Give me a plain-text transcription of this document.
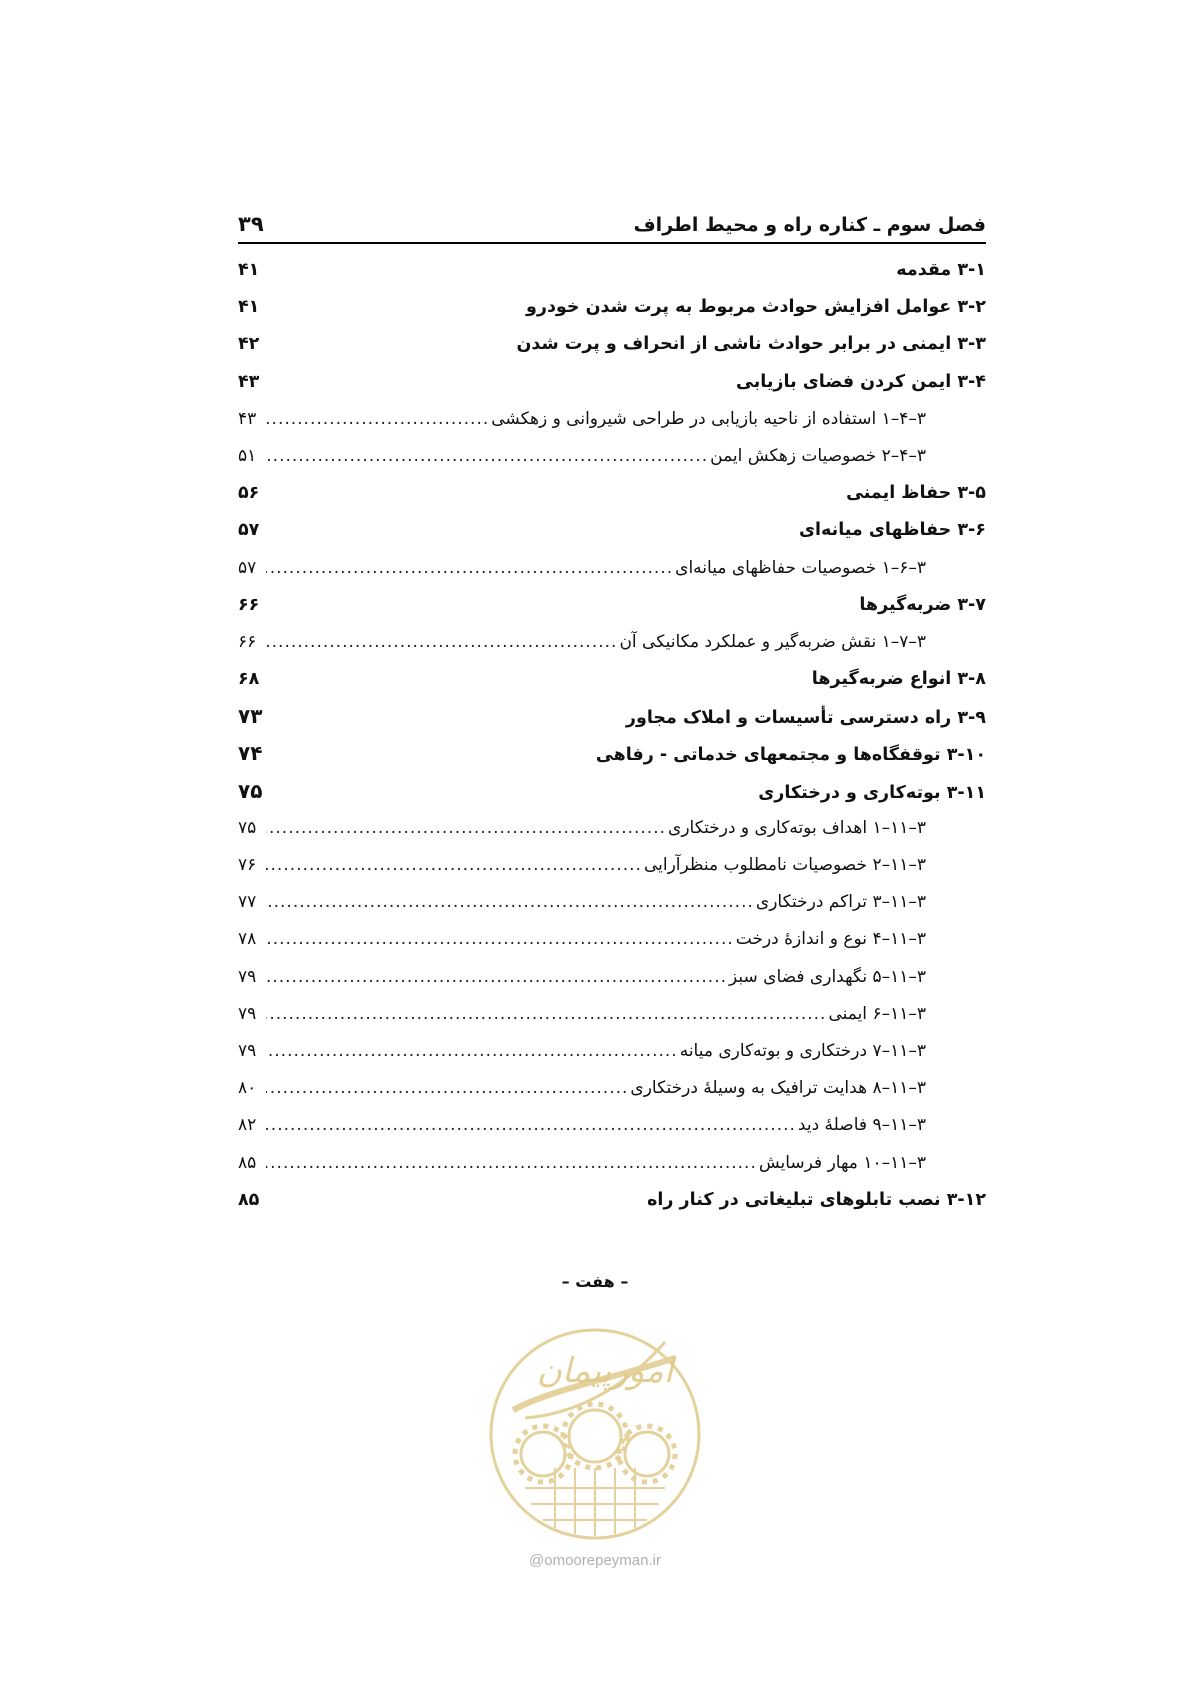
فصل سوم ـ کناره راه و محیط اطراف
۳۹
۳-۱ مقدمه
۴۱
۳-۲ عوامل افزایش حوادث مربوط به پرت شدن خودرو
۴۱
۳-۳ ایمنی در برابر حوادث ناشی از انحراف و پرت شدن
۴۲
۳-۴ ایمن کردن فضای بازیابی
۴۳
۳–۴–۱ استفاده از ناحیه بازیابی در طراحی شیروانی و زهکشی
.....
۴۳
۳–۴–۲ خصوصیات زهکش ایمن
.....
۵۱
۳-۵ حفاظ ایمنی
۵۶
۳-۶ حفاظهای میانه‌ای
۵۷
۳–۶–۱ خصوصیات حفاظهای میانه‌ای
.....
۵۷
۳-۷ ضربه‌گیرها
۶۶
۳–۷–۱ نقش ضربه‌گیر و عملکرد مکانیکی آن
.....
۶۶
۳-۸ انواع ضربه‌گیرها
۶۸
۳-۹ راه دسترسی تأسیسات و املاک مجاور
۷۳
۳-۱۰ توقفگاه‌ها و مجتمعهای خدماتی - رفاهی
۷۴
۳-۱۱ بوته‌کاری و درختکاری
۷۵
۳–۱۱–۱ اهداف بوته‌کاری و درختکاری
.....
۷۵
۳–۱۱–۲ خصوصیات نامطلوب منظرآرایی
.....
۷۶
۳–۱۱–۳ تراکم درختکاری
.....
۷۷
۳–۱۱–۴ نوع و اندازهٔ درخت
.....
۷۸
۳–۱۱–۵ نگهداری فضای سبز
.....
۷۹
۳–۱۱–۶ ایمنی
.....
۷۹
۳–۱۱–۷ درختکاری و بوته‌کاری میانه
.....
۷۹
۳–۱۱–۸ هدایت ترافیک به وسیلهٔ درختکاری
.....
۸۰
۳–۱۱–۹ فاصلهٔ دید
.....
۸۲
۳–۱۱–۱۰ مهار فرسایش
.....
۸۵
۳-۱۲ نصب تابلوهای تبلیغاتی در کنار راه
۸۵
– هفت –
امورپیمان
@omoorepeyman.ir
